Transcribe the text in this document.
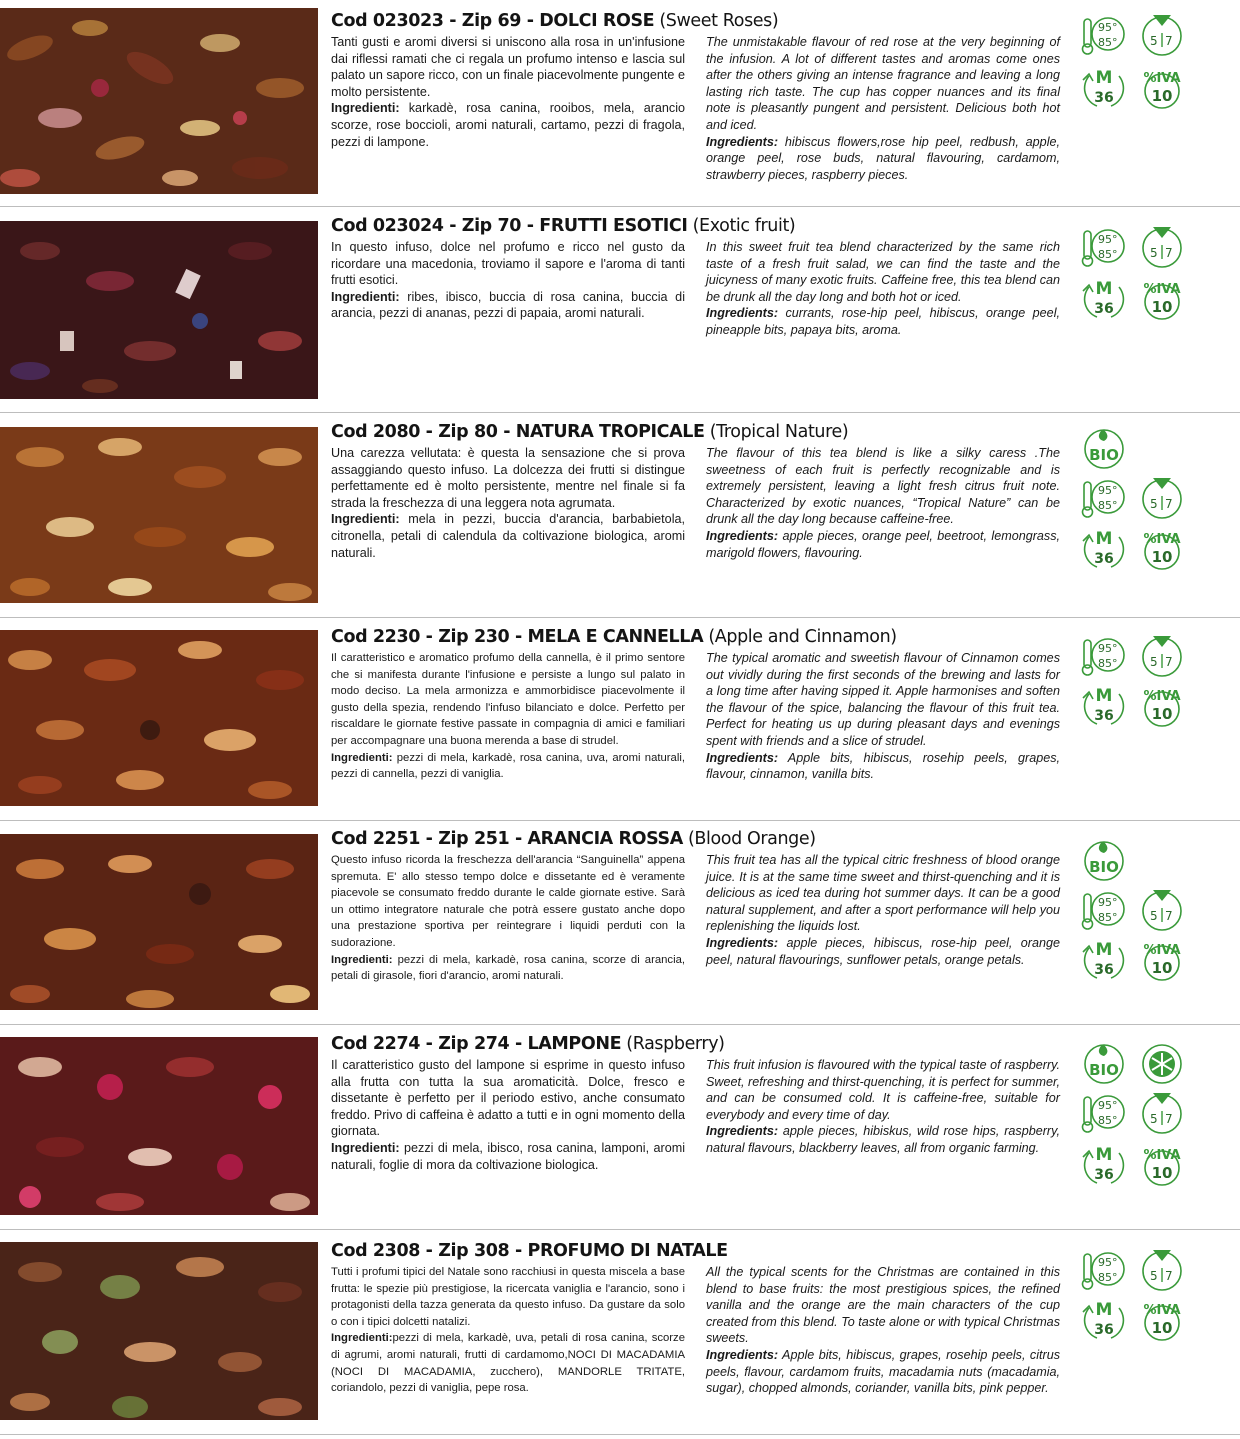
Cod 023023 - Zip 69 - DOLCI ROSE (Sweet Roses)

Tanti gusti e aromi diversi si uniscono alla rosa in un'infusione dai riflessi ramati che ci regala un profumo intenso e lascia sul palato un sapore ricco, con un finale piacevolmente pungente e molto persistente.
Ingredienti: karkadè, rosa canina, rooibos, mela, arancio scorze, rose boccioli, aromi naturali, cartamo, pezzi di fragola, pezzi di lampone.

The unmistakable flavour of red rose at the very beginning of the infusion. A lot of different tastes and aromas come ones after the others giving an intense fragrance and leaving a long lasting rich taste. The cup has copper nuances and its final note is pleasantly pungent and persistent. Delicious both hot and iced.
Ingredients: hibiscus flowers,rose hip peel, redbush, apple, orange peel, rose buds, natural flavouring, cardamom, strawberry pieces, raspberry pieces.

95°
85°	5 7
M
36
%IVA
10
Cod 023024 - Zip 70 - FRUTTI ESOTICI (Exotic fruit)

In questo infuso, dolce nel profumo e ricco nel gusto da ricordare una macedonia, troviamo il sapore e l'aroma di tanti frutti esotici.
Ingredienti: ribes, ibisco, buccia di rosa canina, buccia di arancia, pezzi di ananas, pezzi di papaia, aromi naturali.

In this sweet fruit tea blend characterized by the same rich taste of a fresh fruit salad, we can find the taste and the juicyness of many exotic fruits. Caffeine free, this tea blend can be drunk all the day long and both hot or iced.
Ingredients: currants, rose-hip peel, hibiscus, orange peel, pineapple bits, papaya bits, aroma.

95°
85°	5 7
M
36
%IVA
10
Cod 2080 - Zip 80 - NATURA TROPICALE (Tropical Nature)

Una carezza vellutata: è questa la sensazione che si prova assaggiando questo infuso. La dolcezza dei frutti si distingue perfettamente ed è molto persistente, mentre nel finale si fa strada la freschezza di una leggera nota agrumata.
Ingredienti: mela in pezzi, buccia d'arancia, barbabietola, citronella, petali di calendula da coltivazione biologica, aromi naturali.

The flavour of this tea blend is like a silky caress .The sweetness of each fruit is perfectly recognizable and is extremely persistent, leaving a light fresh citrus fruit note. Characterized by exotic nuances, “Tropical Nature” can be drunk all the day long because caffeine-free.
Ingredients: apple pieces, orange peel, beetroot, lemongrass, marigold flowers, flavouring.

BIO
95°
85°	5 7
M
36
%IVA
10
Cod 2230 - Zip 230 - MELA E CANNELLA (Apple and Cinnamon)

Il caratteristico e aromatico profumo della cannella, è il primo sentore che si manifesta durante l'infusione e persiste a lungo sul palato in modo deciso. La mela armonizza e ammorbidisce piacevolmente il gusto della spezia, rendendo l'infuso bilanciato e dolce. Perfetto per riscaldare le giornate festive passate in compagnia di amici e familiari per accompagnare una buona merenda a base di strudel.
Ingredienti: pezzi di mela, karkadè, rosa canina, uva, aromi naturali, pezzi di cannella, pezzi di vaniglia.

The typical aromatic and sweetish flavour of Cinnamon comes out vividly during the first seconds of the brewing and lasts for a long time after having sipped it. Apple harmonises and soften the flavour of the spice, balancing the flavour of this fruit tea. Perfect for heating us up during pleasant days and evenings spent with friends and a slice of strudel.
Ingredients: Apple bits, hibiscus, rosehip peels, grapes, flavour, cinnamon, vanilla bits.

95°
85°	5 7
M
36
%IVA
10
Cod 2251 - Zip 251 - ARANCIA ROSSA (Blood Orange)

Questo infuso ricorda la freschezza dell'arancia “Sanguinella” appena spremuta. E' allo stesso tempo dolce e dissetante ed è veramente piacevole se consumato freddo durante le calde giornate estive. Sarà un ottimo integratore naturale che potrà essere gustato anche dopo una prestazione sportiva per reintegrare i liquidi perduti con la sudorazione.
Ingredienti: pezzi di mela, karkadè, rosa canina, scorze di arancia, petali di girasole, fiori d'arancio, aromi naturali.

This fruit tea has all the typical citric freshness of blood orange juice. It is at the same time sweet and thirst-quenching and it is delicious as iced tea during hot summer days. It can be a good natural supplement, and after a sport performance will help you replenishing the liquids lost.
Ingredients: apple pieces, hibiscus, rose-hip peel, orange peel, natural flavourings, sunflower petals, orange petals.

BIO
95°
85°	5 7
M
36
%IVA
10
Cod 2274 - Zip 274 - LAMPONE (Raspberry)

Il caratteristico gusto del lampone si esprime in questo infuso alla frutta con tutta la sua aromaticità. Dolce, fresco e dissetante è perfetto per il periodo estivo, anche consumato freddo. Privo di caffeina è adatto a tutti e in ogni momento della giornata.
Ingredienti: pezzi di mela, ibisco, rosa canina, lamponi, aromi naturali, foglie di mora da coltivazione biologica.

This fruit infusion is flavoured with the typical taste of raspberry. Sweet, refreshing and thirst-quenching, it is perfect for summer, and can be consumed cold. It is caffeine-free, suitable for everybody and every time of day.
Ingredients: apple pieces, hibiskus, wild rose hips, raspberry, natural flavours, blackberry leaves, all from organic farming.

BIO
95°
85°	5 7
M
36
%IVA
10
Cod 2308 - Zip 308 - PROFUMO DI NATALE

Tutti i profumi tipici del Natale sono racchiusi in questa miscela a base frutta: le spezie più prestigiose, la ricercata vaniglia e l'arancio, sono i protagonisti della tazza generata da questo infuso. Da gustare da solo o con i tipici dolcetti natalizi.
Ingredienti:pezzi di mela, karkadè, uva, petali di rosa canina, scorze di agrumi, aromi naturali, frutti di cardamomo,NOCI DI MACADAMIA (NOCI DI MACADAMIA, zucchero), MANDORLE TRITATE, coriandolo, pezzi di vaniglia, pepe rosa.

All the typical scents for the Christmas are contained in this blend to base fruits: the most prestigious spices, the refined vanilla and the orange are the main characters of the cup created from this blend. To taste alone or with typical Christmas sweets.
Ingredients: Apple bits, hibiscus, grapes, rosehip peels, citrus peels, flavour, cardamom fruits, macadamia nuts (macadamia, sugar), chopped almonds, coriander, vanilla bits, pink pepper.

95°
85°	5 7
M
36
%IVA
10
